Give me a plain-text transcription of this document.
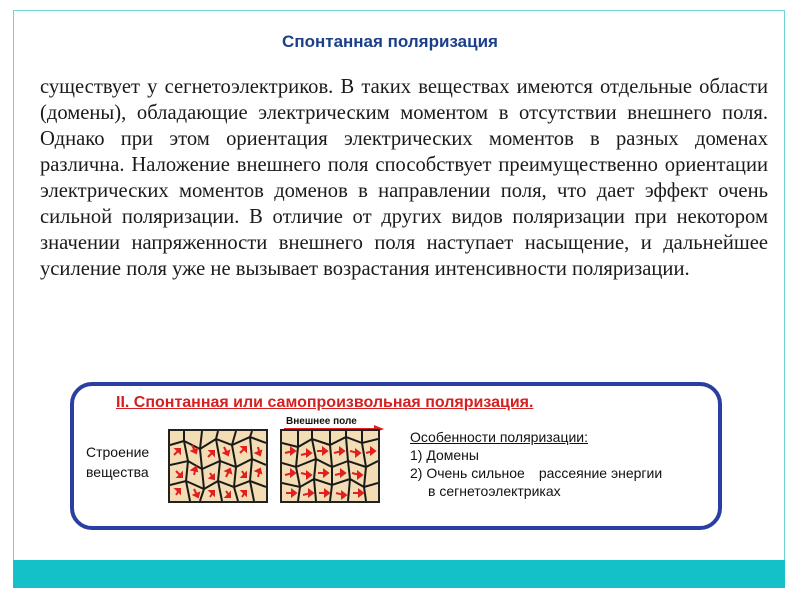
Спонтанная поляризация

существует у сегнетоэлектриков. В таких веществах имеются отдельные области (домены), обладающие электрическим моментом в отсутствии внешнего поля. Однако при этом ориентация электрических моментов в разных доменах различна. Наложение внешнего поля способствует преимущественно ориентации электрических моментов доменов в направлении поля, что дает эффект очень сильной поляризации. В отличие от других видов поляризации при некотором значении напряженности внешнего поля наступает насыщение, и дальнейшее усиление поля уже не вызывает возрастания интенсивности поляризации.

II. Спонтанная или самопроизвольная поляризация.
Строение
вещества
Внешнее поле
Особенности поляризации:
1) Домены
2) Очень сильное рассеяние энергии
в сегнетоэлектриках
